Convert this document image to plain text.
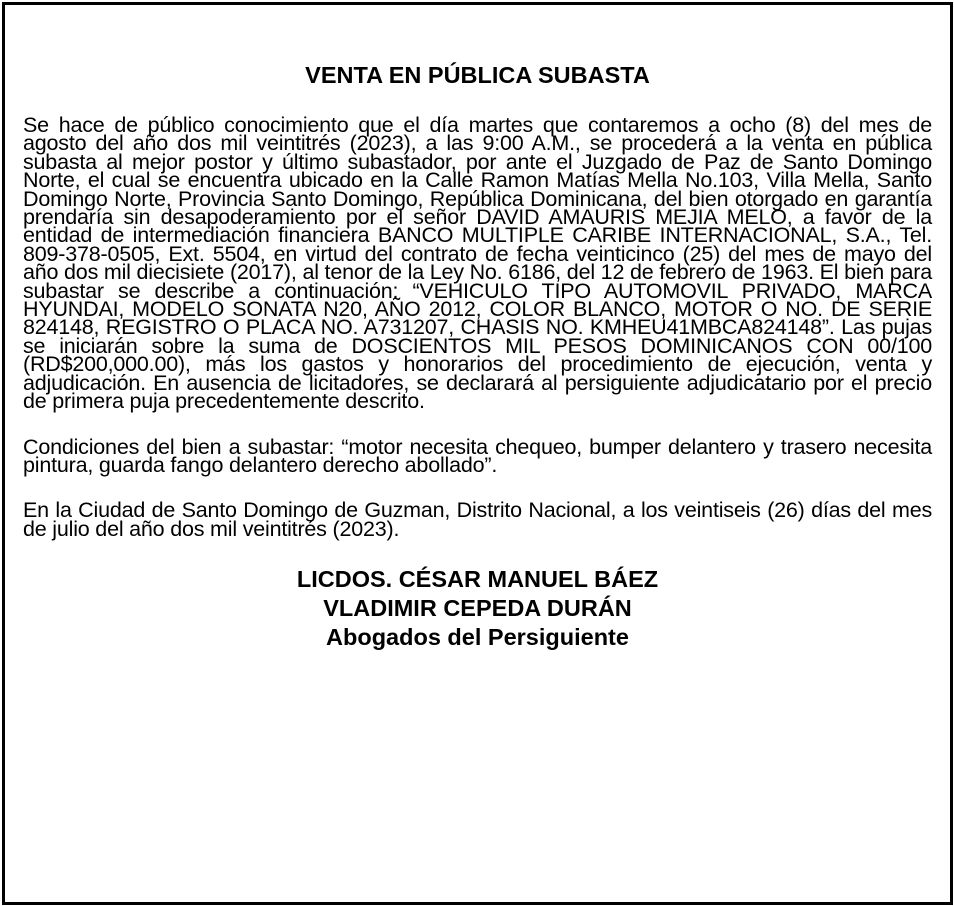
VENTA EN PÚBLICA SUBASTA

Se hace de público conocimiento que el día martes que contaremos a ocho (8) del mes de agosto del año dos mil veintitrés (2023), a las 9:00 A.M., se procederá a la venta en pública subasta al mejor postor y último subastador, por ante el Juzgado de Paz de Santo Domingo Norte, el cual se encuentra ubicado en la Calle Ramon Matías Mella No.103, Villa Mella, Santo Domingo Norte, Provincia Santo Domingo, República Dominicana, del bien otorgado en garantía prendaría sin desapoderamiento por el señor DAVID AMAURIS MEJIA MELO, a favor de la entidad de intermediación financiera BANCO MULTIPLE CARIBE INTERNACIONAL, S.A., Tel. 809-378-0505, Ext. 5504, en virtud del contrato de fecha veinticinco (25) del mes de mayo del año dos mil diecisiete (2017), al tenor de la Ley No. 6186, del 12 de febrero de 1963. El bien para subastar se describe a continuación: “VEHICULO TIPO AUTOMOVIL PRIVADO, MARCA HYUNDAI, MODELO SONATA N20, AÑO 2012, COLOR BLANCO, MOTOR O NO. DE SERIE 824148, REGISTRO O PLACA NO. A731207, CHASIS NO. KMHEU41MBCA824148”. Las pujas se iniciarán sobre la suma de DOSCIENTOS MIL PESOS DOMINICANOS CON 00/100 (RD$200,000.00), más los gastos y honorarios del procedimiento de ejecución, venta y adjudicación. En ausencia de licitadores, se declarará al persiguiente adjudicatario por el precio de primera puja precedentemente descrito.

Condiciones del bien a subastar: “motor necesita chequeo, bumper delantero y trasero necesita pintura, guarda fango delantero derecho abollado”.

En la Ciudad de Santo Domingo de Guzman, Distrito Nacional, a los veintiseis (26) días del mes de julio del año dos mil veintitrés (2023).

LICDOS. CÉSAR MANUEL BÁEZ
VLADIMIR CEPEDA DURÁN
Abogados del Persiguiente
